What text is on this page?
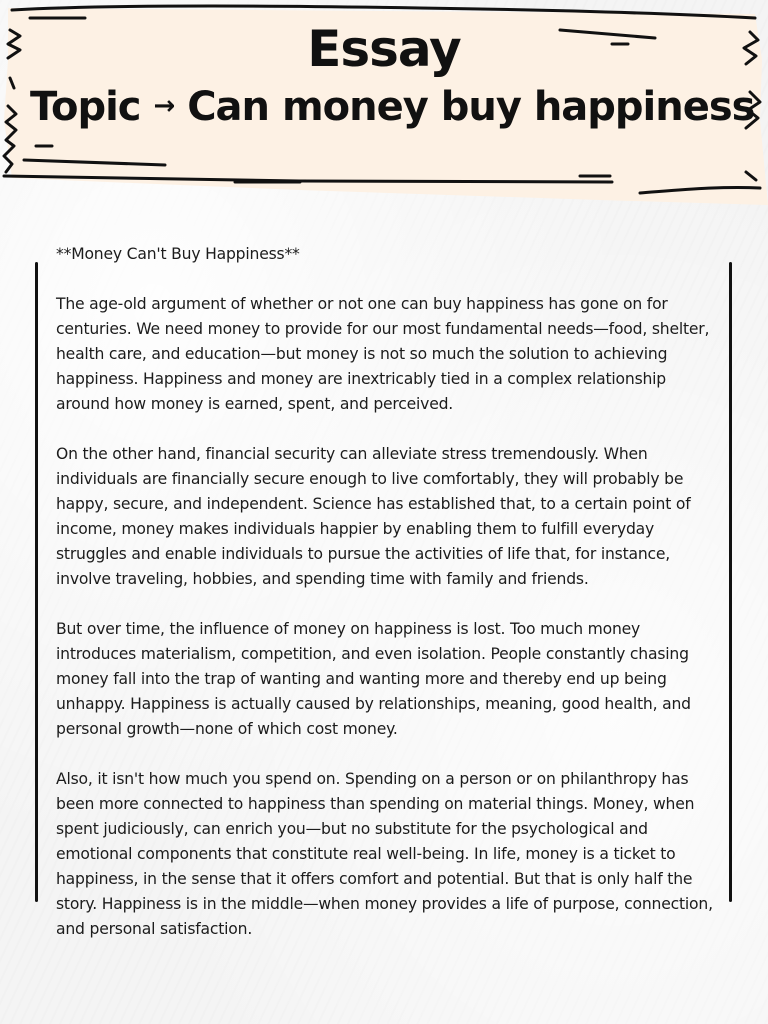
Essay
Topic → Can money buy happiness

**Money Can't Buy Happiness**

The age-old argument of whether or not one can buy happiness has gone on for centuries. We need money to provide for our most fundamental needs—food, shelter, health care, and education—but money is not so much the solution to achieving happiness. Happiness and money are inextricably tied in a complex relationship around how money is earned, spent, and perceived.

On the other hand, financial security can alleviate stress tremendously. When individuals are financially secure enough to live comfortably, they will probably be happy, secure, and independent. Science has established that, to a certain point of income, money makes individuals happier by enabling them to fulfill everyday struggles and enable individuals to pursue the activities of life that, for instance, involve traveling, hobbies, and spending time with family and friends.

But over time, the influence of money on happiness is lost. Too much money introduces materialism, competition, and even isolation. People constantly chasing money fall into the trap of wanting and wanting more and thereby end up being unhappy. Happiness is actually caused by relationships, meaning, good health, and personal growth—none of which cost money.

Also, it isn't how much you spend on. Spending on a person or on philanthropy has been more connected to happiness than spending on material things. Money, when spent judiciously, can enrich you—but no substitute for the psychological and emotional components that constitute real well-being. In life, money is a ticket to happiness, in the sense that it offers comfort and potential. But that is only half the story. Happiness is in the middle—when money provides a life of purpose, connection, and personal satisfaction.
